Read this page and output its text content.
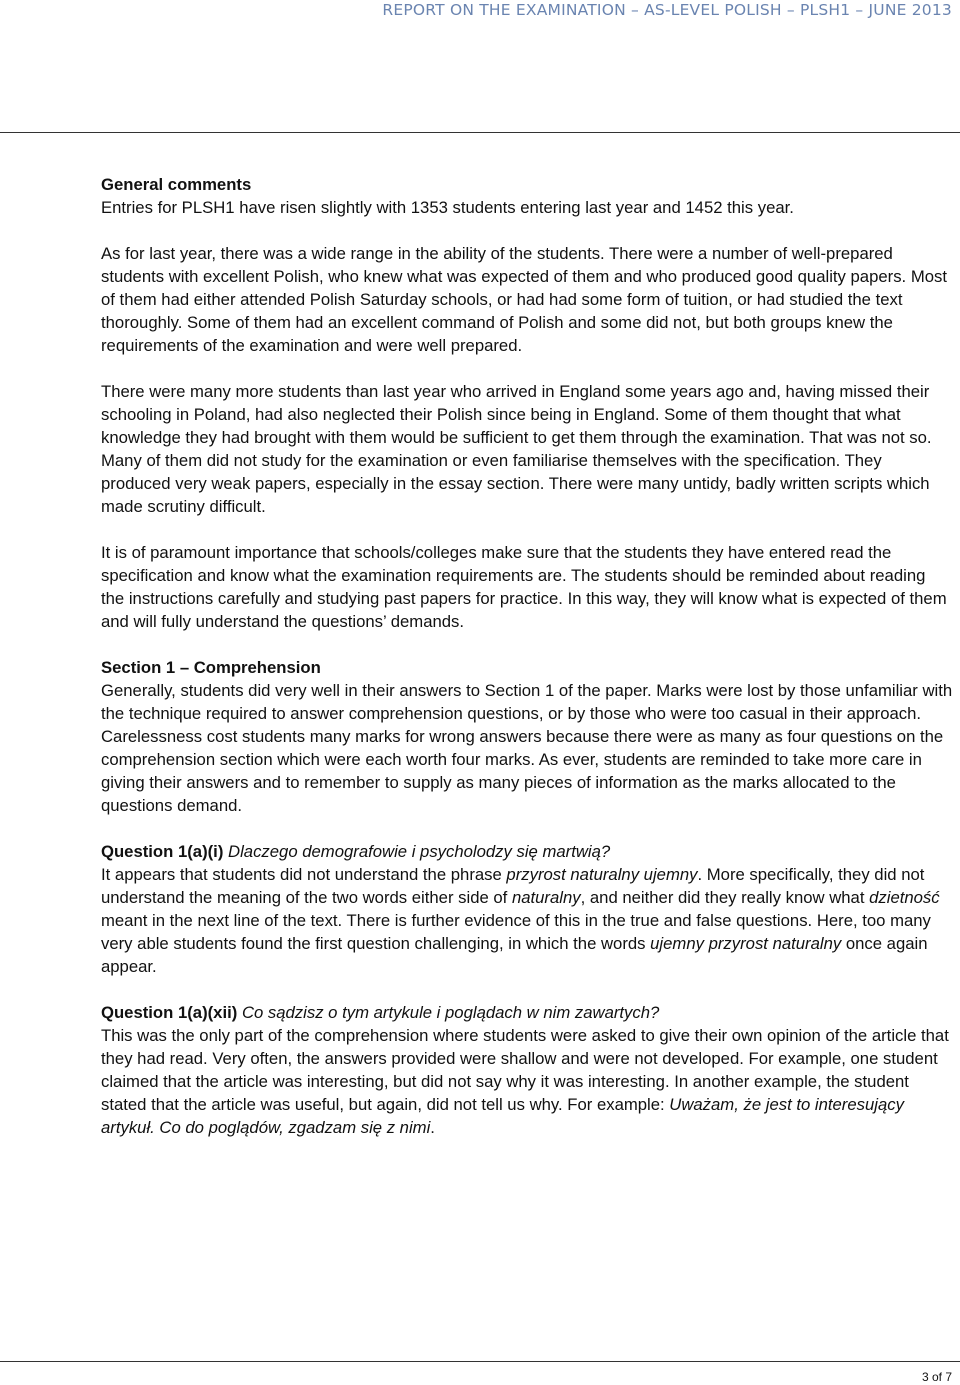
REPORT ON THE EXAMINATION – AS-LEVEL POLISH – PLSH1 – JUNE 2013
General comments

Entries for PLSH1 have risen slightly with 1353 students entering last year and 1452 this year.

As for last year, there was a wide range in the ability of the students. There were a number of well-prepared students with excellent Polish, who knew what was expected of them and who produced good quality papers. Most of them had either attended Polish Saturday schools, or had had some form of tuition, or had studied the text thoroughly. Some of them had an excellent command of Polish and some did not, but both groups knew the requirements of the examination and were well prepared.

There were many more students than last year who arrived in England some years ago and, having missed their schooling in Poland, had also neglected their Polish since being in England. Some of them thought that what knowledge they had brought with them would be sufficient to get them through the examination. That was not so. Many of them did not study for the examination or even familiarise themselves with the specification. They produced very weak papers, especially in the essay section. There were many untidy, badly written scripts which made scrutiny difficult.

It is of paramount importance that schools/colleges make sure that the students they have entered read the specification and know what the examination requirements are. The students should be reminded about reading the instructions carefully and studying past papers for practice. In this way, they will know what is expected of them and will fully understand the questions’ demands.

Section 1 – Comprehension

Generally, students did very well in their answers to Section 1 of the paper. Marks were lost by those unfamiliar with the technique required to answer comprehension questions, or by those who were too casual in their approach. Carelessness cost students many marks for wrong answers because there were as many as four questions on the comprehension section which were each worth four marks. As ever, students are reminded to take more care in giving their answers and to remember to supply as many pieces of information as the marks allocated to the questions demand.

Question 1(a)(i) Dlaczego demografowie i psycholodzy się martwią?

It appears that students did not understand the phrase przyrost naturalny ujemny. More specifically, they did not understand the meaning of the two words either side of naturalny, and neither did they really know what dzietność meant in the next line of the text. There is further evidence of this in the true and false questions. Here, too many very able students found the first question challenging, in which the words ujemny przyrost naturalny once again appear.

Question 1(a)(xii) Co sądzisz o tym artykule i poglądach w nim zawartych?

This was the only part of the comprehension where students were asked to give their own opinion of the article that they had read. Very often, the answers provided were shallow and were not developed. For example, one student claimed that the article was interesting, but did not say why it was interesting. In another example, the student stated that the article was useful, but again, did not tell us why. For example: Uważam, że jest to interesujący artykuł. Co do poglądów, zgadzam się z nimi.

3 of 7
